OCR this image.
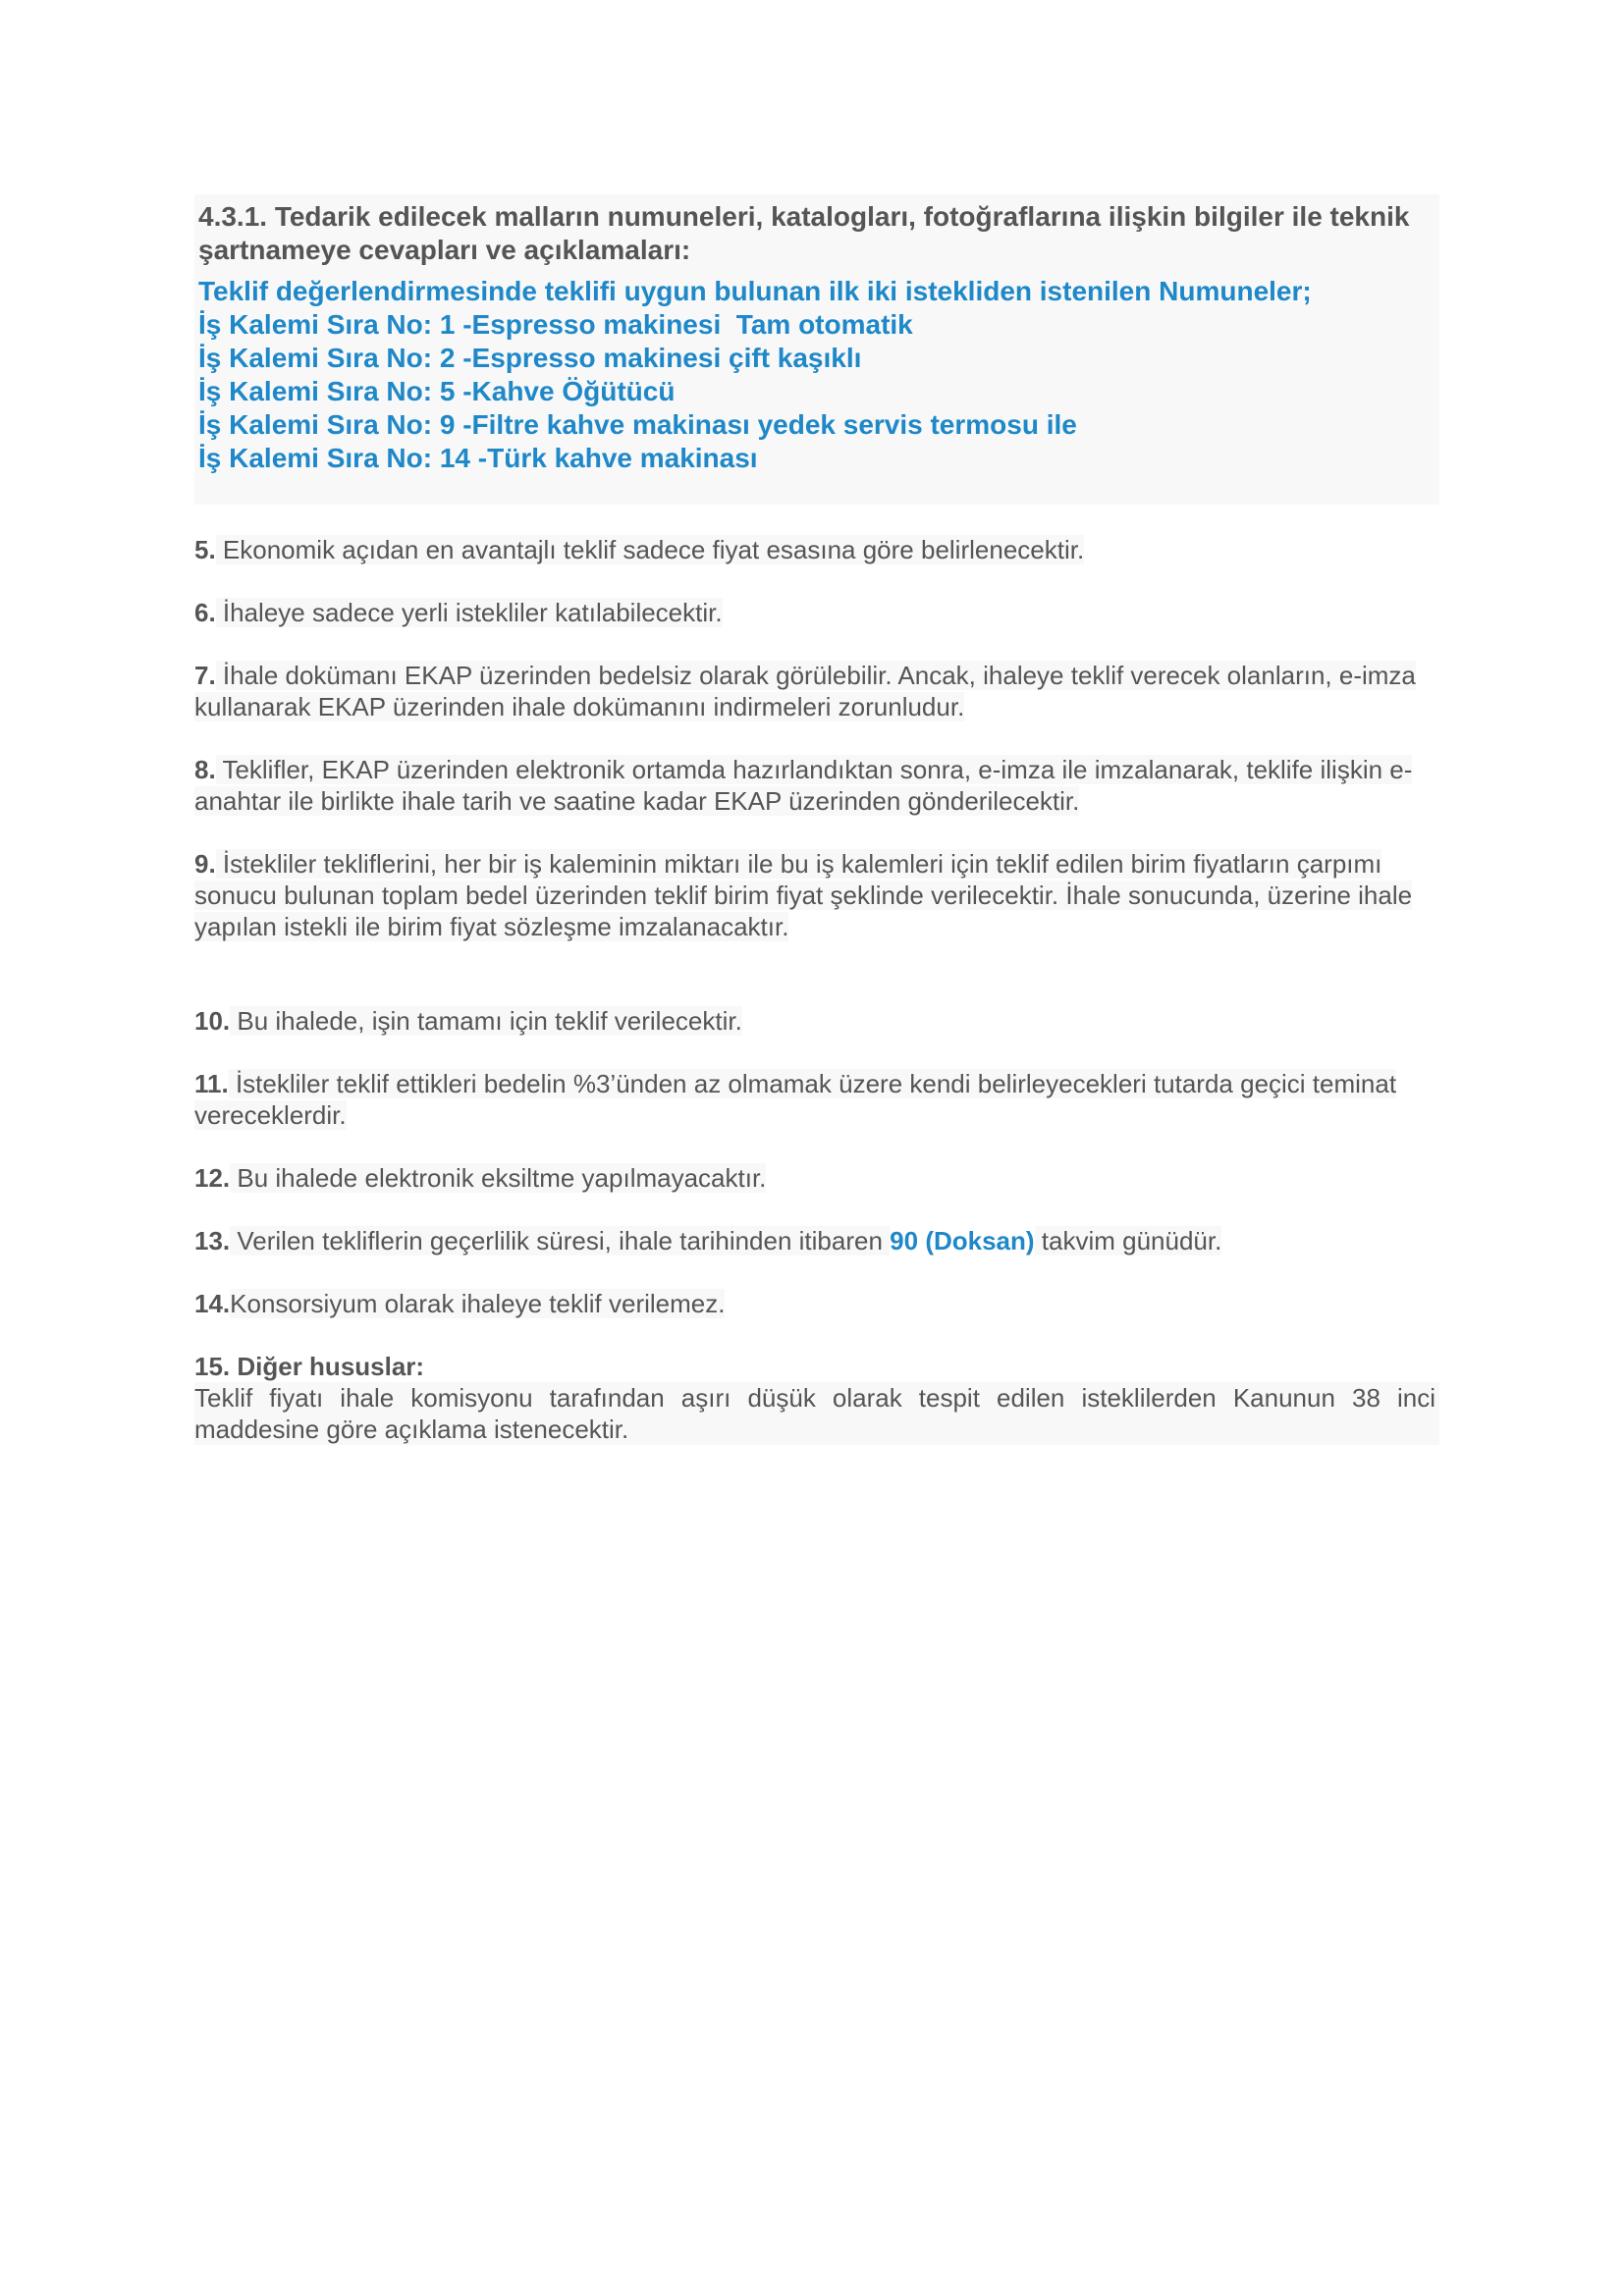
4.3.1. Tedarik edilecek malların numuneleri, katalogları, fotoğraflarına ilişkin bilgiler ile teknik şartnameye cevapları ve açıklamaları:

Teklif değerlendirmesinde teklifi uygun bulunan ilk iki istekliden istenilen Numuneler;

İş Kalemi Sıra No: 1 -Espresso makinesi  Tam otomatik

İş Kalemi Sıra No: 2 -Espresso makinesi çift kaşıklı

İş Kalemi Sıra No: 5 -Kahve Öğütücü

İş Kalemi Sıra No: 9 -Filtre kahve makinası yedek servis termosu ile

İş Kalemi Sıra No: 14 -Türk kahve makinası

5. Ekonomik açıdan en avantajlı teklif sadece fiyat esasına göre belirlenecektir.

6. İhaleye sadece yerli istekliler katılabilecektir.

7. İhale dokümanı EKAP üzerinden bedelsiz olarak görülebilir. Ancak, ihaleye teklif verecek olanların, e-imza kullanarak EKAP üzerinden ihale dokümanını indirmeleri zorunludur.

8. Teklifler, EKAP üzerinden elektronik ortamda hazırlandıktan sonra, e-imza ile imzalanarak, teklife ilişkin e-anahtar ile birlikte ihale tarih ve saatine kadar EKAP üzerinden gönderilecektir.

9. İstekliler tekliflerini, her bir iş kaleminin miktarı ile bu iş kalemleri için teklif edilen birim fiyatların çarpımı sonucu bulunan toplam bedel üzerinden teklif birim fiyat şeklinde verilecektir. İhale sonucunda, üzerine ihale yapılan istekli ile birim fiyat sözleşme imzalanacaktır.

10. Bu ihalede, işin tamamı için teklif verilecektir.

11. İstekliler teklif ettikleri bedelin %3’ünden az olmamak üzere kendi belirleyecekleri tutarda geçici teminat vereceklerdir.

12. Bu ihalede elektronik eksiltme yapılmayacaktır.

13. Verilen tekliflerin geçerlilik süresi, ihale tarihinden itibaren 90 (Doksan) takvim günüdür.

14.Konsorsiyum olarak ihaleye teklif verilemez.

15. Diğer hususlar:

Teklif fiyatı ihale komisyonu tarafından aşırı düşük olarak tespit edilen isteklilerden Kanunun 38 inci maddesine göre açıklama istenecektir.
